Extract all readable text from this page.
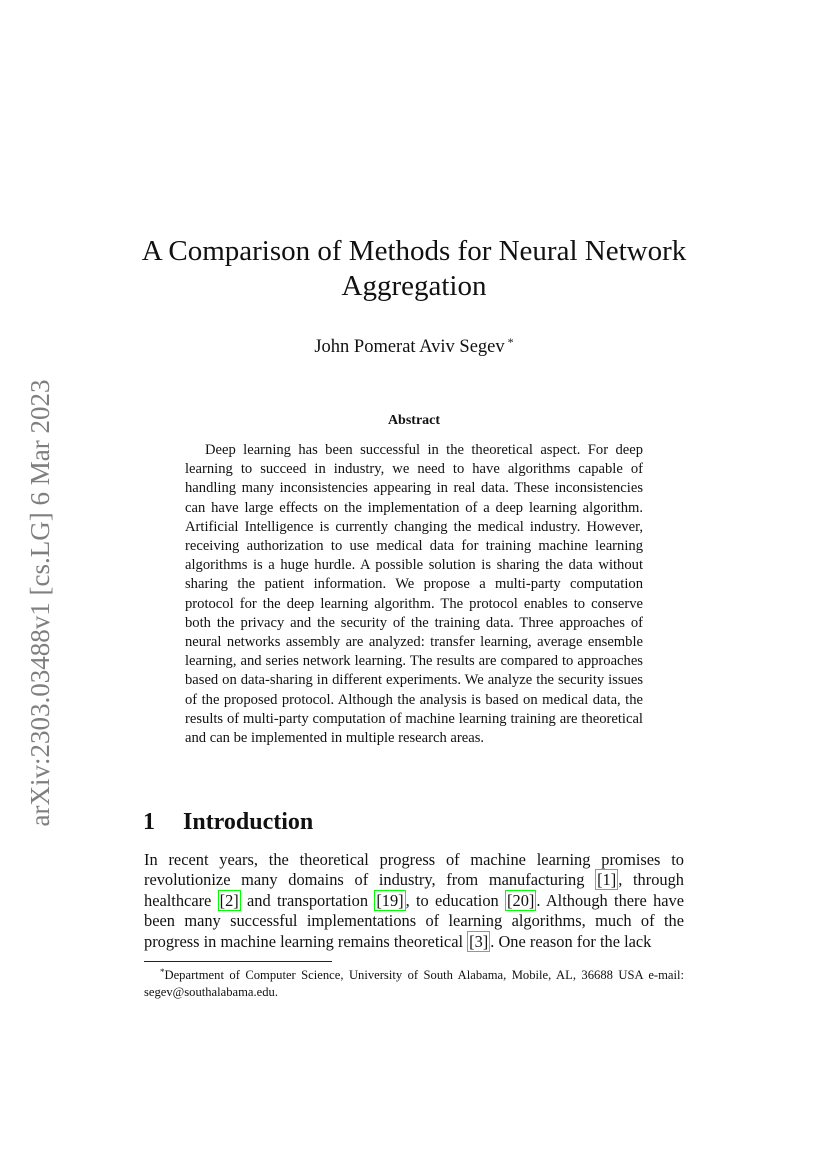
arXiv:2303.03488v1 [cs.LG] 6 Mar 2023
A Comparison of Methods for Neural Network Aggregation
John Pomerat Aviv Segev *
Abstract

Deep learning has been successful in the theoretical aspect. For deep learning to succeed in industry, we need to have algorithms capable of handling many inconsistencies appearing in real data. These inconsistencies can have large effects on the implementation of a deep learning algorithm. Artificial Intelligence is currently changing the medical industry. However, receiving authorization to use medical data for training machine learning algorithms is a huge hurdle. A possible solution is sharing the data without sharing the patient information. We propose a multi-party computation protocol for the deep learning algorithm. The protocol enables to conserve both the privacy and the security of the training data. Three approaches of neural networks assembly are analyzed: transfer learning, average ensemble learning, and series network learning. The results are compared to approaches based on data-sharing in different experiments. We analyze the security issues of the proposed protocol. Although the analysis is based on medical data, the results of multi-party computation of machine learning training are theoretical and can be implemented in multiple research areas.

1 Introduction

In recent years, the theoretical progress of machine learning promises to revolutionize many domains of industry, from manufacturing [1] , through healthcare [2] and transportation [19] , to education [20] . Although there have been many successful implementations of learning algorithms, much of the progress in machine learning remains theoretical [3] . One reason for the lack

*Department of Computer Science, University of South Alabama, Mobile, AL, 36688 USA e-mail: segev@southalabama.edu.
